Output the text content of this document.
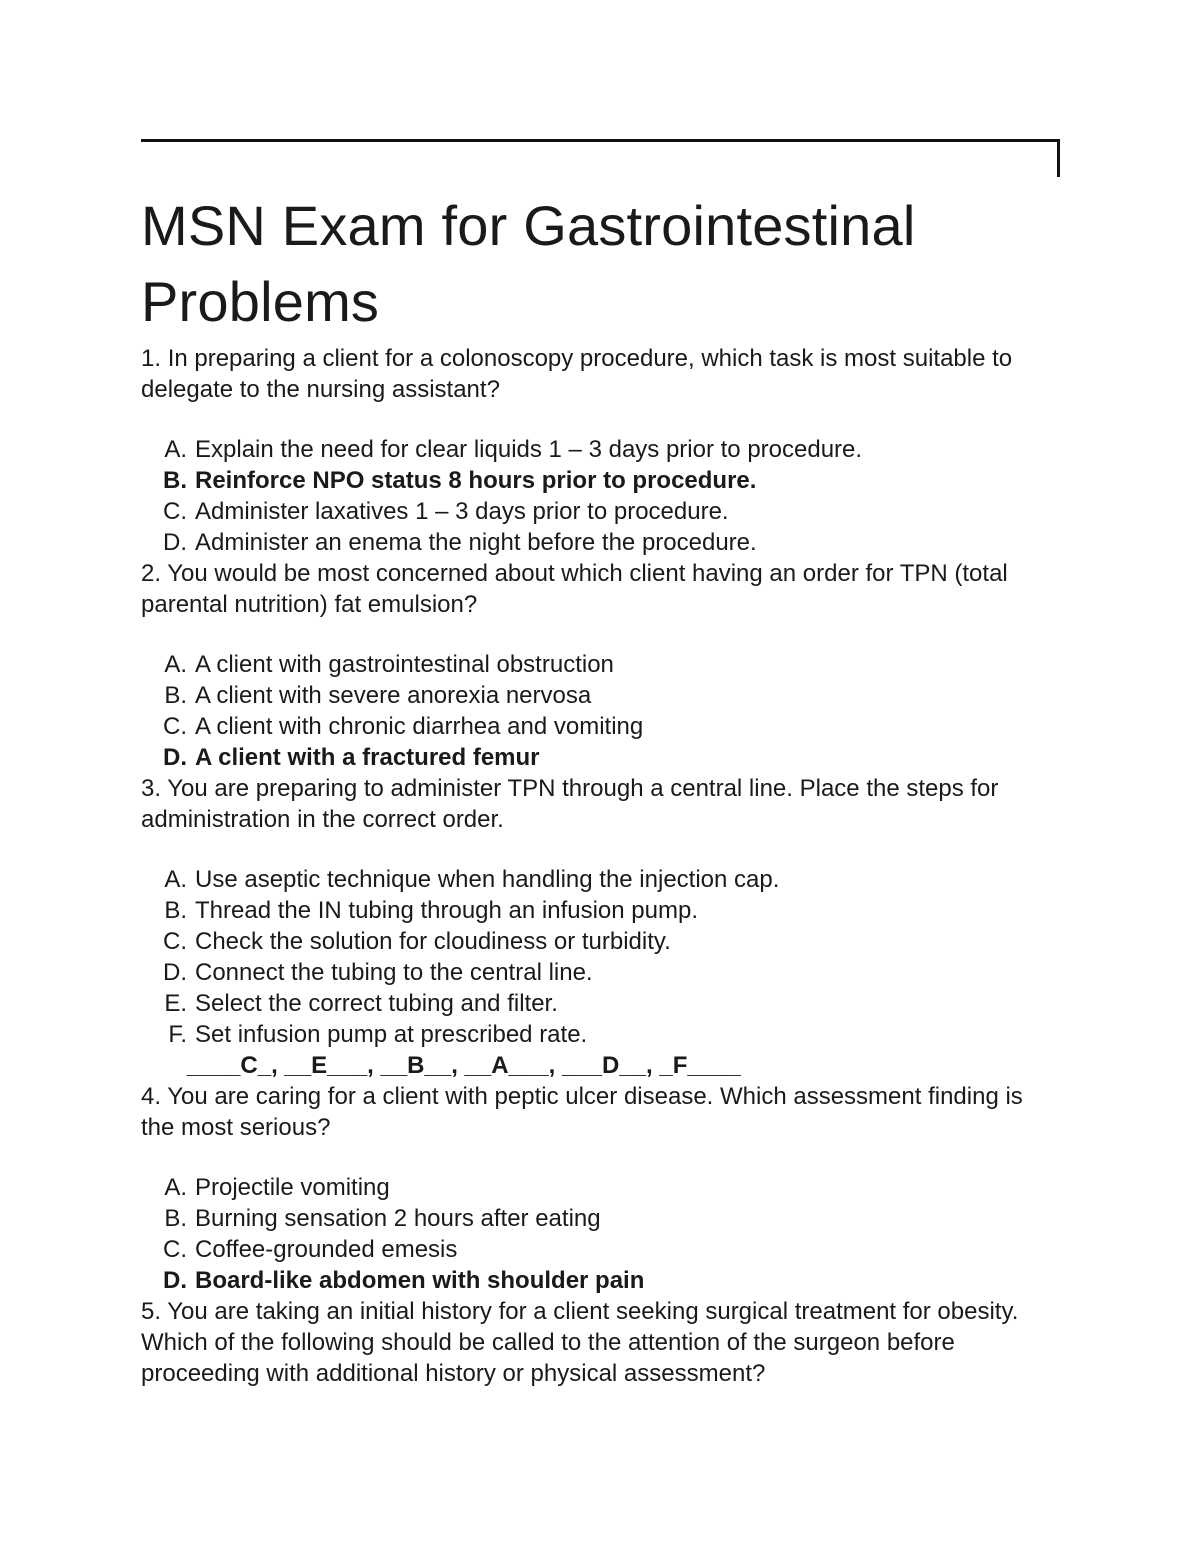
MSN Exam for Gastrointestinal Problems

1. In preparing a client for a colonoscopy procedure, which task is most suitable to delegate to the nursing assistant?

A. Explain the need for clear liquids 1 – 3 days prior to procedure.
B. Reinforce NPO status 8 hours prior to procedure.
C. Administer laxatives 1 – 3 days prior to procedure.
D. Administer an enema the night before the procedure.

2. You would be most concerned about which client having an order for TPN (total parental nutrition) fat emulsion?

A. A client with gastrointestinal obstruction
B. A client with severe anorexia nervosa
C. A client with chronic diarrhea and vomiting
D. A client with a fractured femur

3. You are preparing to administer TPN through a central line. Place the steps for administration in the correct order.

A. Use aseptic technique when handling the injection cap.
B. Thread the IN tubing through an infusion pump.
C. Check the solution for cloudiness or turbidity.
D. Connect the tubing to the central line.
E. Select the correct tubing and filter.
F. Set infusion pump at prescribed rate.
____C_, __E___, __B__, __A___, ___D__, _F____

4. You are caring for a client with peptic ulcer disease. Which assessment finding is the most serious?

A. Projectile vomiting
B. Burning sensation 2 hours after eating
C. Coffee-grounded emesis
D. Board-like abdomen with shoulder pain

5. You are taking an initial history for a client seeking surgical treatment for obesity. Which of the following should be called to the attention of the surgeon before proceeding with additional history or physical assessment?
